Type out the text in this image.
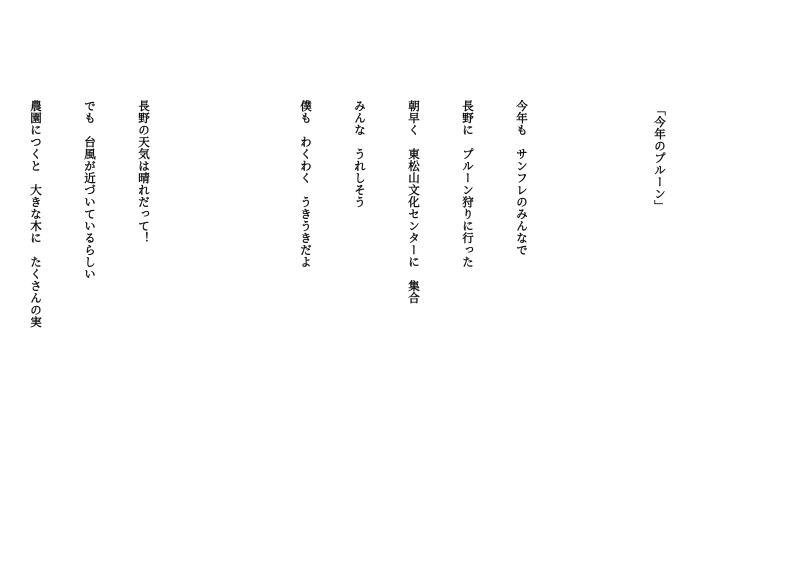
「今年のプルーン」

今年も　サンフレのみんなで

長野に　プルーン狩りに行った

朝早く　東松山文化センターに　集合

みんな　うれしそう

僕も　わくわく　うきうきだよ

長野の天気は晴れだって！

でも　台風が近づいているらしい

農園につくと　大きな木に　たくさんの実
